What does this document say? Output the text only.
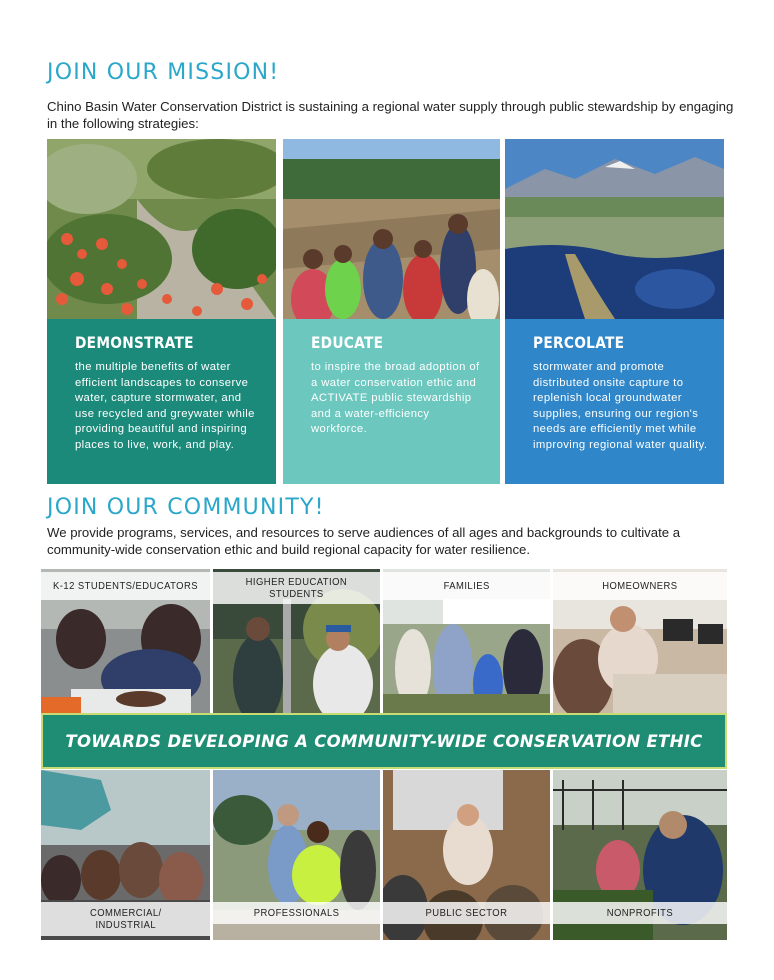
JOIN OUR MISSION!

Chino Basin Water Conservation District is sustaining a regional water supply through public stewardship by engaging in the following strategies:

DEMONSTRATE

the multiple benefits of water efficient landscapes to conserve water, capture stormwater, and use recycled and greywater while providing beautiful and inspiring places to live, work, and play.

EDUCATE

to inspire the broad adoption of a water conservation ethic and ACTIVATE public stewardship and a water-efficiency workforce.

PERCOLATE

stormwater and promote distributed onsite capture to replenish local groundwater supplies, ensuring our region's needs are efficiently met while improving regional water quality.

JOIN OUR COMMUNITY!

We provide programs, services, and resources to serve audiences of all ages and backgrounds to cultivate a community-wide conservation ethic and build regional capacity for water resilience.

K-12 STUDENTS/EDUCATORS	HIGHER EDUCATION
STUDENTS
FAMILIES	HOMEOWNERS
TOWARDS DEVELOPING A COMMUNITY-WIDE CONSERVATION ETHIC
COMMERCIAL/
INDUSTRIAL
PROFESSIONALS	PUBLIC SECTOR	NONPROFITS
